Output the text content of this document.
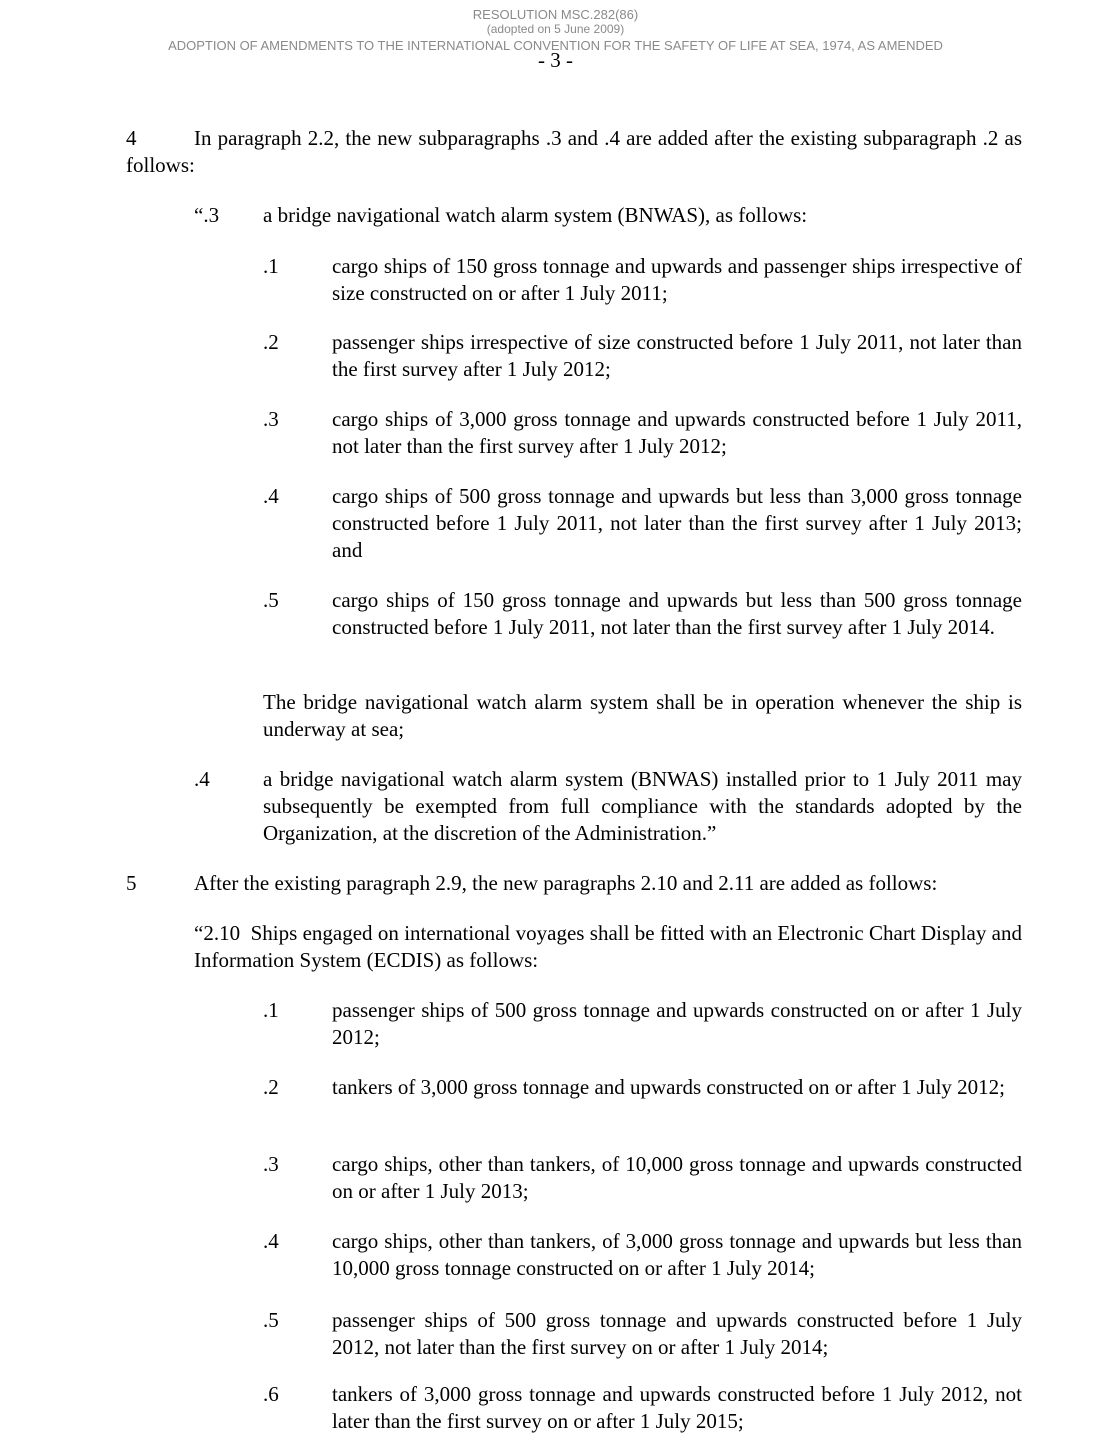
RESOLUTION MSC.282(86)
(adopted on 5 June 2009)
ADOPTION OF AMENDMENTS TO THE INTERNATIONAL CONVENTION FOR THE SAFETY OF LIFE AT SEA, 1974, AS AMENDED
- 3 -
4	In paragraph 2.2, the new subparagraphs .3 and .4 are added after the existing subparagraph .2 as follows:
“.3 a bridge navigational watch alarm system (BNWAS), as follows:
.1	cargo ships of 150 gross tonnage and upwards and passenger ships irrespective of size constructed on or after 1 July 2011;
.2	passenger ships irrespective of size constructed before 1 July 2011, not later than the first survey after 1 July 2012;
.3	cargo ships of 3,000 gross tonnage and upwards constructed before 1 July 2011, not later than the first survey after 1 July 2012;
.4	cargo ships of 500 gross tonnage and upwards but less than 3,000 gross tonnage constructed before 1 July 2011, not later than the first survey after 1 July 2013; and
.5	cargo ships of 150 gross tonnage and upwards but less than 500 gross tonnage constructed before 1 July 2011, not later than the first survey after 1 July 2014.
The bridge navigational watch alarm system shall be in operation whenever the ship is underway at sea;
.4	a bridge navigational watch alarm system (BNWAS) installed prior to 1 July 2011 may subsequently be exempted from full compliance with the standards adopted by the Organization, at the discretion of the Administration.”
5	After the existing paragraph 2.9, the new paragraphs 2.10 and 2.11 are added as follows:
“2.10 Ships engaged on international voyages shall be fitted with an Electronic Chart Display and Information System (ECDIS) as follows:
.1	passenger ships of 500 gross tonnage and upwards constructed on or after 1 July 2012;
.2	tankers of 3,000 gross tonnage and upwards constructed on or after 1 July 2012;
.3	cargo ships, other than tankers, of 10,000 gross tonnage and upwards constructed on or after 1 July 2013;
.4	cargo ships, other than tankers, of 3,000 gross tonnage and upwards but less than 10,000 gross tonnage constructed on or after 1 July 2014;
.5	passenger ships of 500 gross tonnage and upwards constructed before 1 July 2012, not later than the first survey on or after 1 July 2014;
.6	tankers of 3,000 gross tonnage and upwards constructed before 1 July 2012, not later than the first survey on or after 1 July 2015;
